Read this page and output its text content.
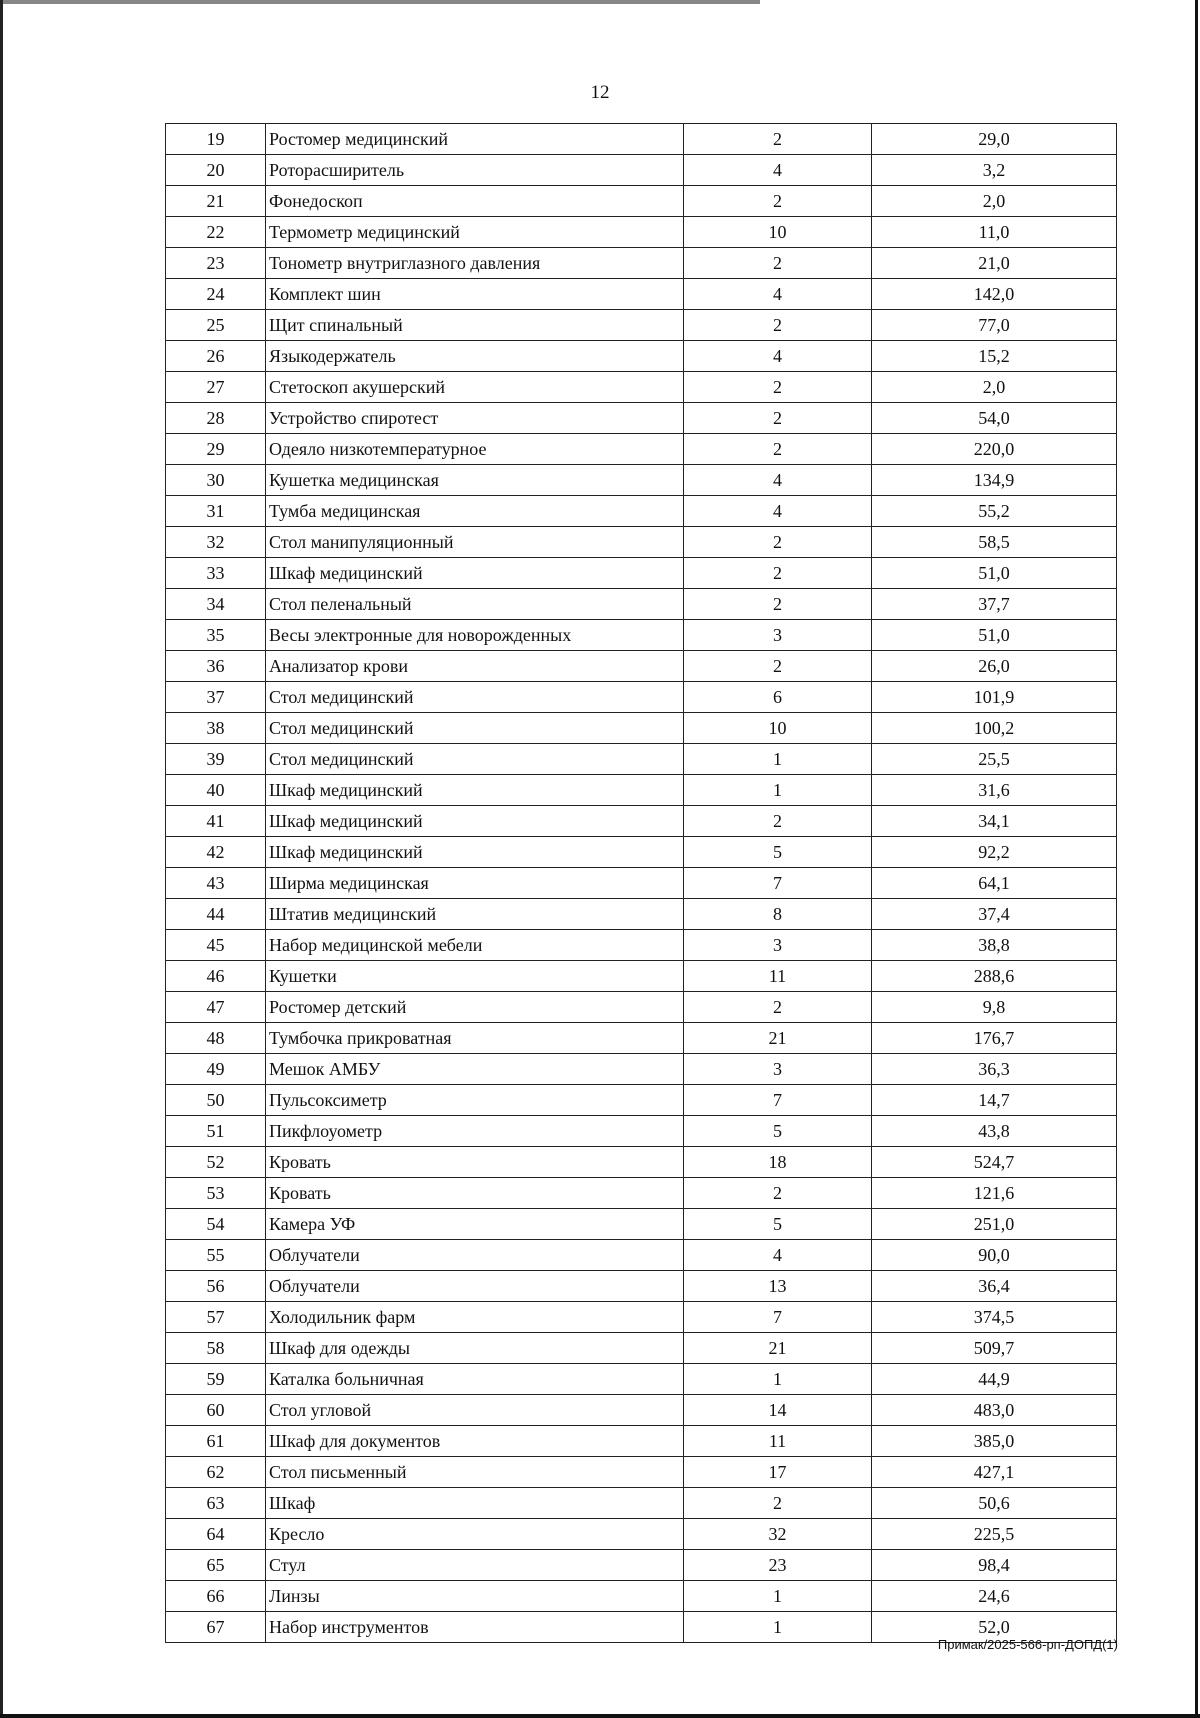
12
19	Ростомер медицинский	2	29,0
20	Роторасширитель	4	3,2
21	Фонедоскоп	2	2,0
22	Термометр медицинский	10	11,0
23	Тонометр внутриглазного давления	2	21,0
24	Комплект шин	4	142,0
25	Щит спинальный	2	77,0
26	Языкодержатель	4	15,2
27	Стетоскоп акушерский	2	2,0
28	Устройство спиротест	2	54,0
29	Одеяло низкотемпературное	2	220,0
30	Кушетка медицинская	4	134,9
31	Тумба медицинская	4	55,2
32	Стол манипуляционный	2	58,5
33	Шкаф медицинский	2	51,0
34	Стол пеленальный	2	37,7
35	Весы электронные для новорожденных	3	51,0
36	Анализатор крови	2	26,0
37	Стол медицинский	6	101,9
38	Стол медицинский	10	100,2
39	Стол медицинский	1	25,5
40	Шкаф медицинский	1	31,6
41	Шкаф медицинский	2	34,1
42	Шкаф медицинский	5	92,2
43	Ширма медицинская	7	64,1
44	Штатив медицинский	8	37,4
45	Набор медицинской мебели	3	38,8
46	Кушетки	11	288,6
47	Ростомер детский	2	9,8
48	Тумбочка прикроватная	21	176,7
49	Мешок АМБУ	3	36,3
50	Пульсоксиметр	7	14,7
51	Пикфлоуометр	5	43,8
52	Кровать	18	524,7
53	Кровать	2	121,6
54	Камера УФ	5	251,0
55	Облучатели	4	90,0
56	Облучатели	13	36,4
57	Холодильник фарм	7	374,5
58	Шкаф для одежды	21	509,7
59	Каталка больничная	1	44,9
60	Стол угловой	14	483,0
61	Шкаф для документов	11	385,0
62	Стол письменный	17	427,1
63	Шкаф	2	50,6
64	Кресло	32	225,5
65	Стул	23	98,4
66	Линзы	1	24,6
67	Набор инструментов	1	52,0
Примак/2025-566-рп-ДОПД(1)
